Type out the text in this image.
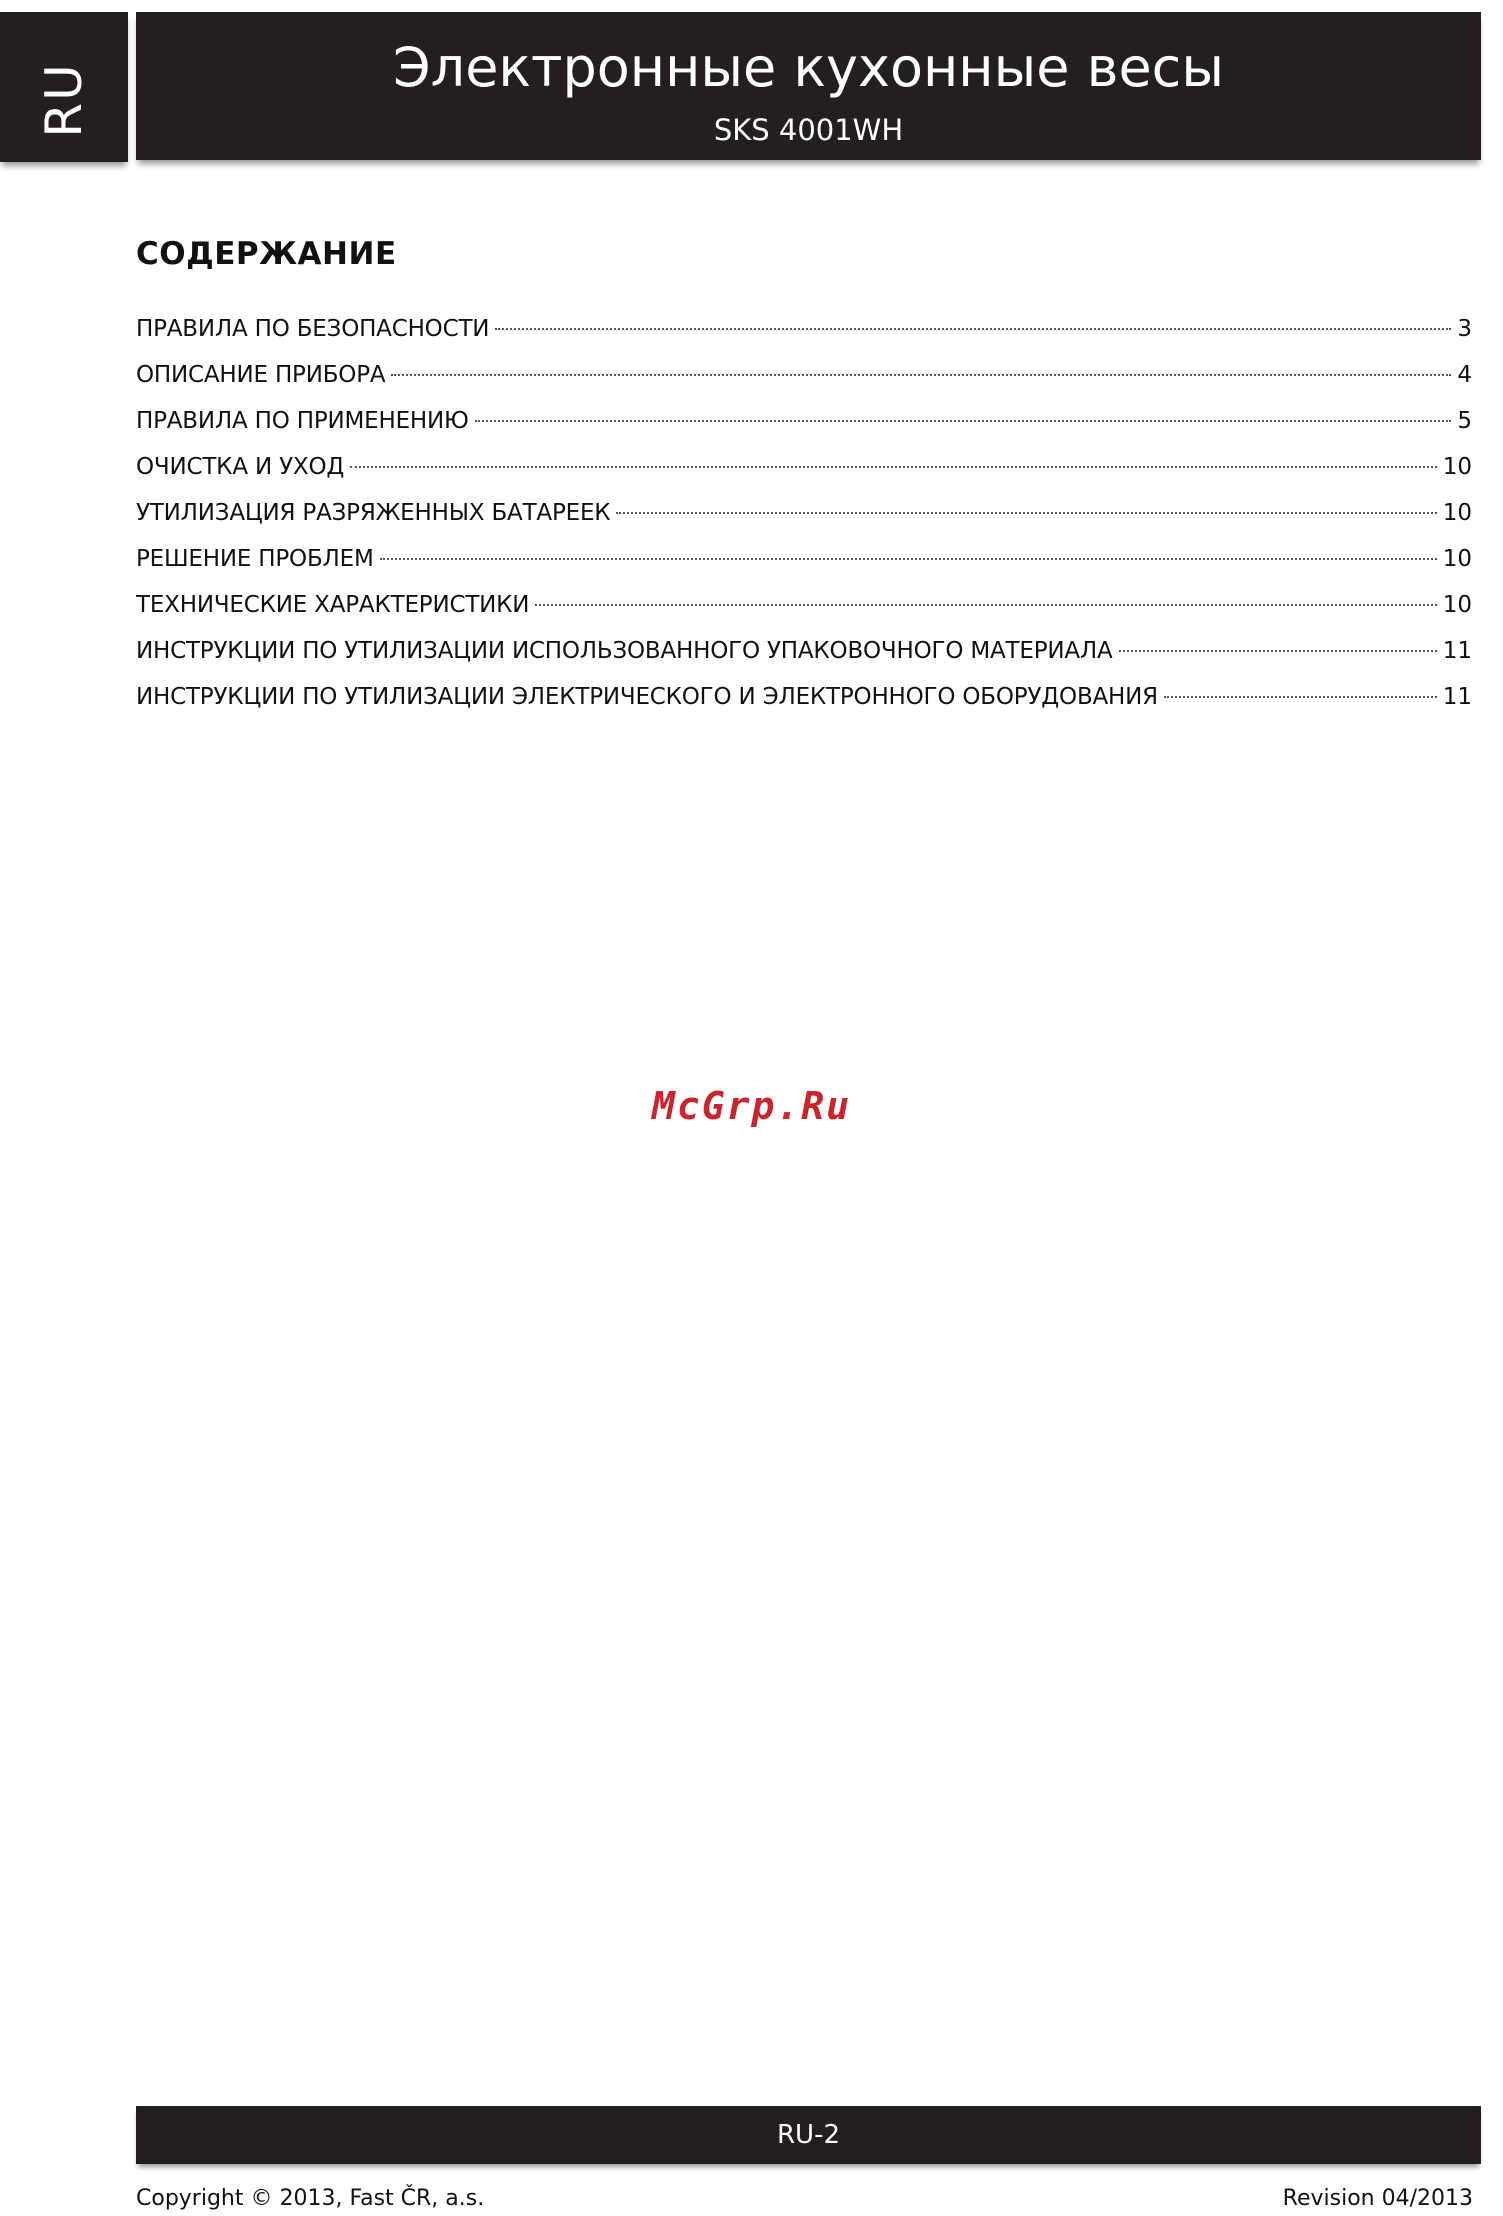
RU	Электронные кухонные весы
SKS 4001WH
СОДЕРЖАНИЕ
ПРАВИЛА ПО БЕЗОПАСНОСТИ	3
ОПИСАНИЕ ПРИБОРА	4
ПРАВИЛА ПО ПРИМЕНЕНИЮ	5
ОЧИСТКА И УХОД	10
УТИЛИЗАЦИЯ РАЗРЯЖЕННЫХ БАТАРЕЕК	10
РЕШЕНИЕ ПРОБЛЕМ	10
ТЕХНИЧЕСКИЕ ХАРАКТЕРИСТИКИ	10
ИНСТРУКЦИИ ПО УТИЛИЗАЦИИ ИСПОЛЬЗОВАННОГО УПАКОВОЧНОГО МАТЕРИАЛА	11
ИНСТРУКЦИИ ПО УТИЛИЗАЦИИ ЭЛЕКТРИЧЕСКОГО И ЭЛЕКТРОННОГО ОБОРУДОВАНИЯ	11
McGrp.Ru
RU-2
Copyright © 2013, Fast ČR, a.s.	Revision 04/2013
